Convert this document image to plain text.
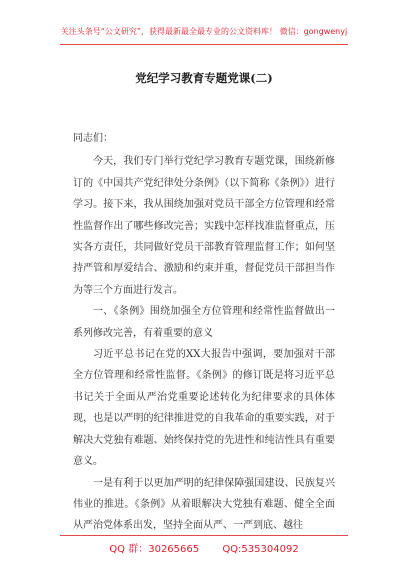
关注头条号“公文研究”，获得最新最全最专业的公文资料库！ 微信：gongwenyj
党纪学习教育专题党课(二)

同志们：

今天，我们专门举行党纪学习教育专题党课，围绕新修订的《中国共产党纪律处分条例》（以下简称《条例》）进行学习。接下来，我从围绕加强对党员干部全方位管理和经常性监督作出了哪些修改完善；实践中怎样找准监督重点，压实各方责任，共同做好党员干部教育管理监督工作；如何坚持严管和厚爱结合、激励和约束并重，督促党员干部担当作为等三个方面进行发言。

一、《条例》围绕加强全方位管理和经常性监督做出一系列修改完善，有着重要的意义

习近平总书记在党的XX大报告中强调，要加强对干部全方位管理和经常性监督。《条例》的修订既是将习近平总书记关于全面从严治党重要论述转化为纪律要求的具体体现，也是以严明的纪律推进党的自我革命的重要实践，对于解决大党独有难题、始终保持党的先进性和纯洁性具有重要意义。

一是有利于以更加严明的纪律保障强国建设、民族复兴伟业的推进。《条例》从着眼解决大党独有难题、健全全面从严治党体系出发，坚持全面从严、一严到底、越往

QQ 群：30265665 QQ:535304092
